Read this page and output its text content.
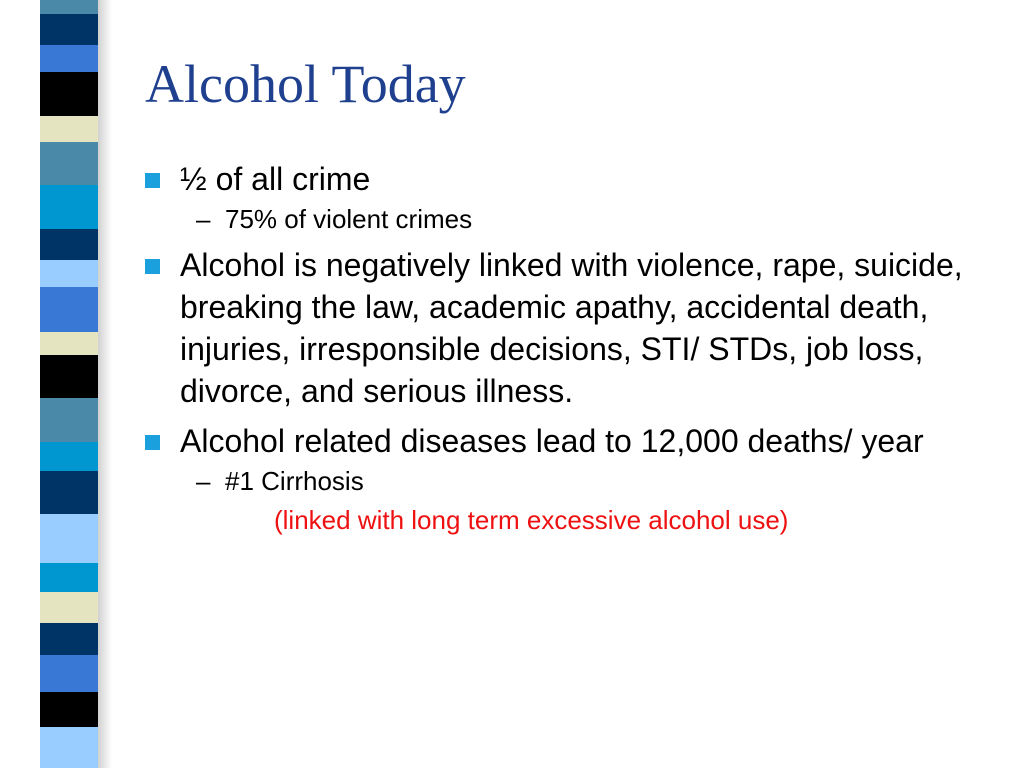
Alcohol Today
½ of all crime
– 75% of violent crimes
Alcohol is negatively linked with violence, rape, suicide, breaking the law, academic apathy, accidental death, injuries, irresponsible decisions, STI/ STDs, job loss, divorce, and serious illness.
Alcohol related diseases lead to 12,000 deaths/ year
– #1 Cirrhosis
(linked with long term excessive alcohol use)
